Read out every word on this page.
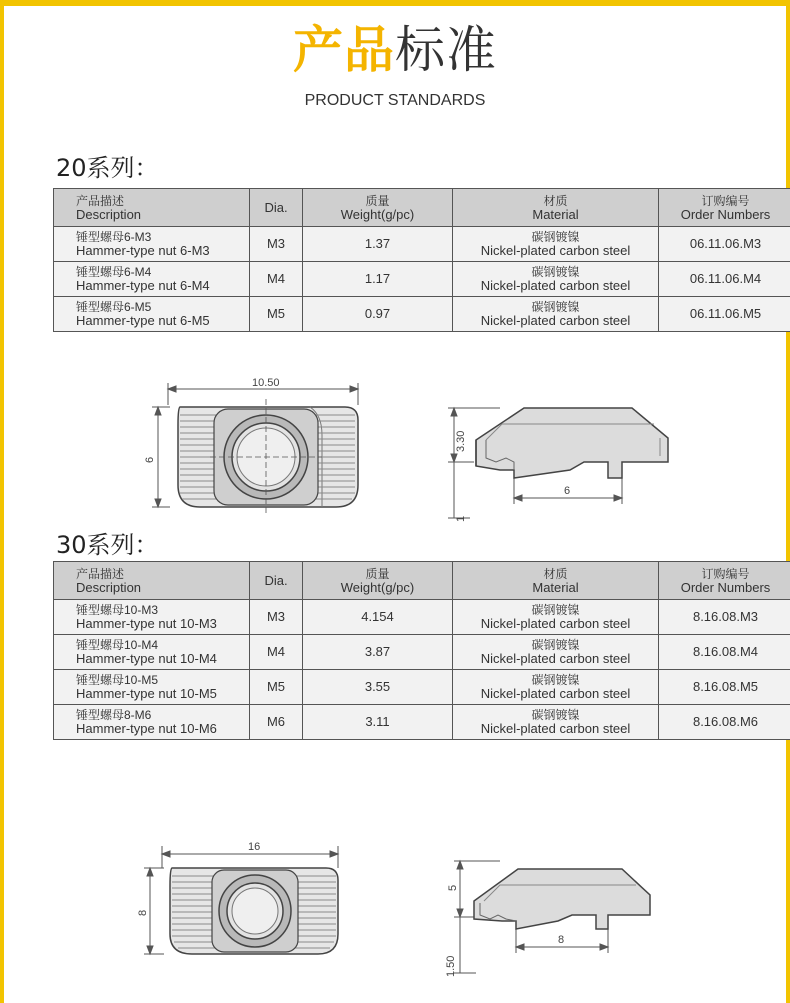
产品标准
PRODUCT STANDARDS
20系列：
产品描述
Description	Dia.	质量
Weight(g/pc)	材质
Material	订购编号
Order Numbers

锤型螺母6-M3
Hammer-type nut 6-M3	M3	1.37	碳钢镀镍
Nickel-plated carbon steel	06.11.06.M3

锤型螺母6-M4
Hammer-type nut 6-M4	M4	1.17	碳钢镀镍
Nickel-plated carbon steel	06.11.06.M4

锤型螺母6-M5
Hammer-type nut 6-M5	M5	0.97	碳钢镀镍
Nickel-plated carbon steel	06.11.06.M5
10.50
6
3.30
6
1
30系列：
产品描述
Description	Dia.	质量
Weight(g/pc)	材质
Material	订购编号
Order Numbers

锤型螺母10-M3
Hammer-type nut 10-M3	M3	4.154	碳钢镀镍
Nickel-plated carbon steel	8.16.08.M3

锤型螺母10-M4
Hammer-type nut 10-M4	M4	3.87	碳钢镀镍
Nickel-plated carbon steel	8.16.08.M4

锤型螺母10-M5
Hammer-type nut 10-M5	M5	3.55	碳钢镀镍
Nickel-plated carbon steel	8.16.08.M5

锤型螺母8-M6
Hammer-type nut 10-M6	M6	3.11	碳钢镀镍
Nickel-plated carbon steel	8.16.08.M6
16
8
5
8
1.50
